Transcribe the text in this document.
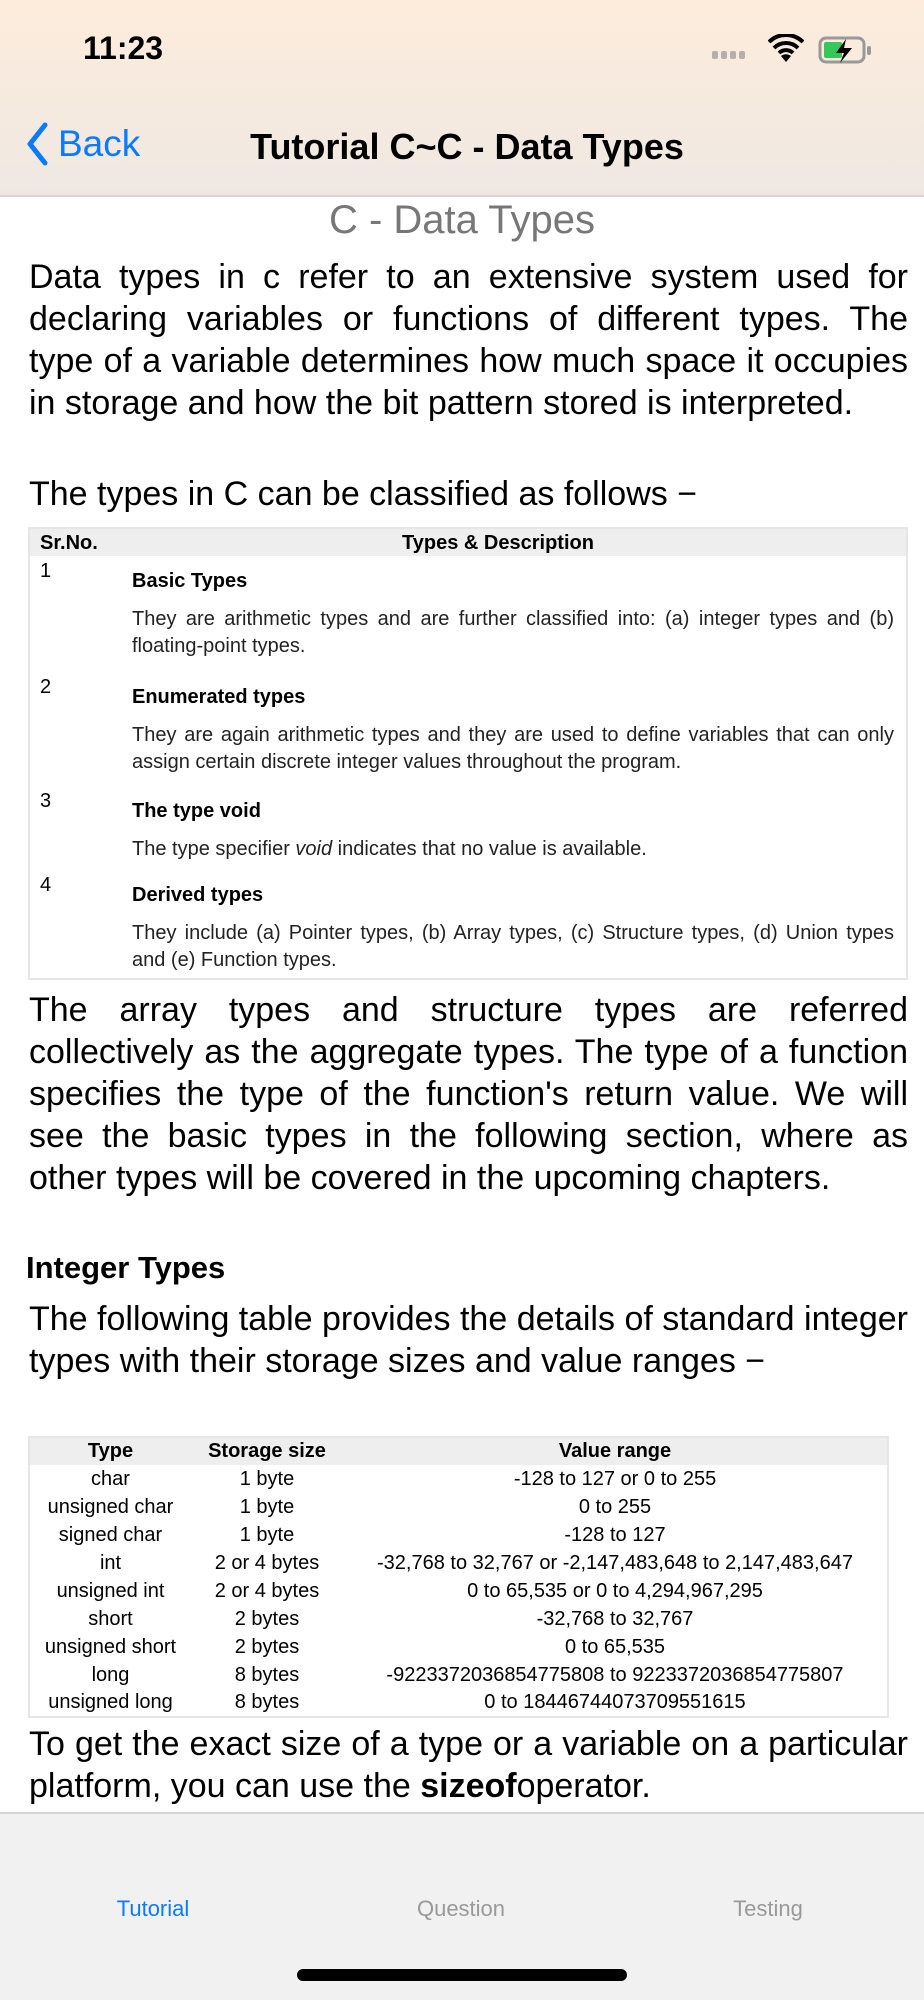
11:23
Back	Tutorial C~C - Data Types
C - Data Types

Data types in c refer to an extensive system used for declaring variables or functions of different types. The type of a variable determines how much space it occupies in storage and how the bit pattern stored is interpreted.

The types in C can be classified as follows −

Sr.No.	Types & Description
1	Basic Types
They are arithmetic types and are further classified into: (a) integer types and (b) floating-point types.
2	Enumerated types
They are again arithmetic types and they are used to define variables that can only assign certain discrete integer values throughout the program.
3	The type void
The type specifier void indicates that no value is available.
4	Derived types
They include (a) Pointer types, (b) Array types, (c) Structure types, (d) Union types and (e) Function types.

The array types and structure types are referred collectively as the aggregate types. The type of a function specifies the type of the function's return value. We will see the basic types in the following section, where as other types will be covered in the upcoming chapters.

Integer Types

The following table provides the details of standard integer types with their storage sizes and value ranges −

Type	Storage size	Value range
char	1 byte	-128 to 127 or 0 to 255
unsigned char	1 byte	0 to 255
signed char	1 byte	-128 to 127
int	2 or 4 bytes	-32,768 to 32,767 or -2,147,483,648 to 2,147,483,647
unsigned int	2 or 4 bytes	0 to 65,535 or 0 to 4,294,967,295
short	2 bytes	-32,768 to 32,767
unsigned short	2 bytes	0 to 65,535
long	8 bytes	-9223372036854775808 to 9223372036854775807
unsigned long	8 bytes	0 to 18446744073709551615

To get the exact size of a type or a variable on a particular platform, you can use the sizeofoperator.

Tutorial	Question	Testing
